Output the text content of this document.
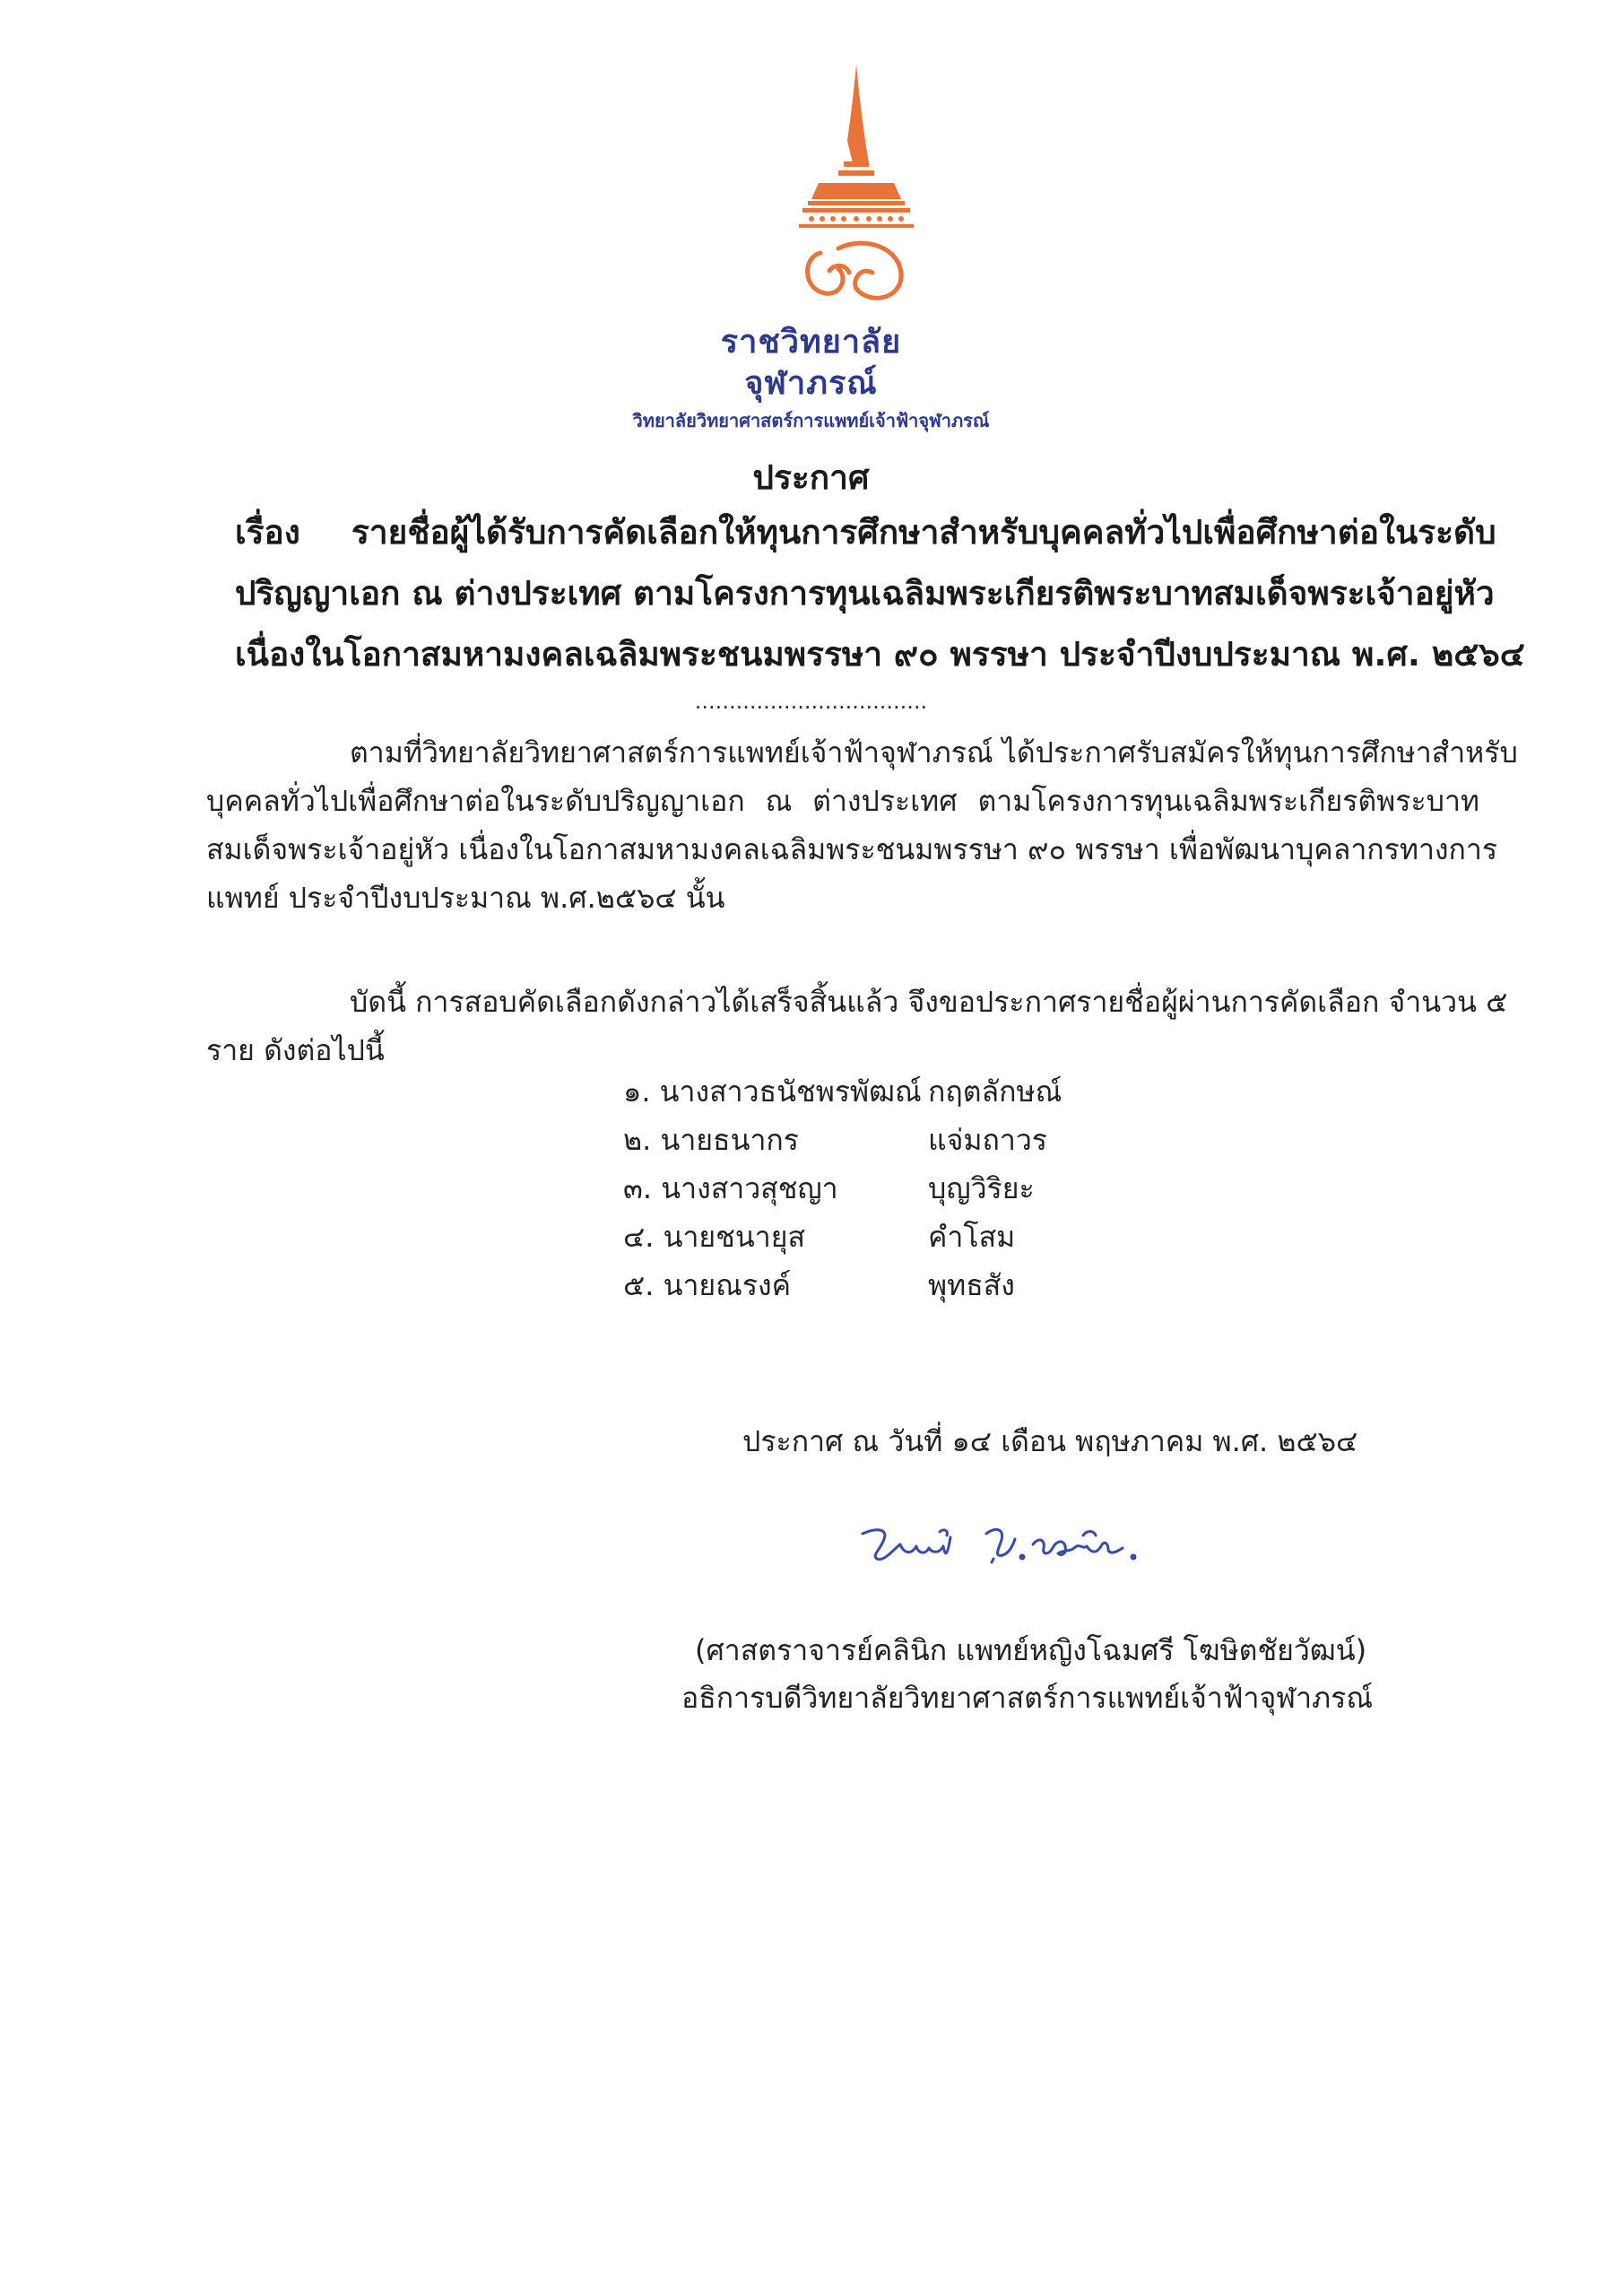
ราชวิทยาลัย
จุฬาภรณ์
วิทยาลัยวิทยาศาสตร์การแพทย์เจ้าฟ้าจุฬาภรณ์
ประกาศ
เรื่อง รายชื่อผู้ได้รับการคัดเลือกให้ทุนการศึกษาสำหรับบุคคลทั่วไปเพื่อศึกษาต่อในระดับ
ปริญญาเอก ณ ต่างประเทศ ตามโครงการทุนเฉลิมพระเกียรติพระบาทสมเด็จพระเจ้าอยู่หัว
เนื่องในโอกาสมหามงคลเฉลิมพระชนมพรรษา ๙๐ พรรษา ประจำปีงบประมาณ พ.ศ. ๒๕๖๔
..................................
ตามที่วิทยาลัยวิทยาศาสตร์การแพทย์เจ้าฟ้าจุฬาภรณ์ ได้ประกาศรับสมัครให้ทุนการศึกษาสำหรับ
บุคคลทั่วไปเพื่อศึกษาต่อในระดับปริญญาเอก ณ ต่างประเทศ ตามโครงการทุนเฉลิมพระเกียรติพระบาท
สมเด็จพระเจ้าอยู่หัว เนื่องในโอกาสมหามงคลเฉลิมพระชนมพรรษา ๙๐ พรรษา เพื่อพัฒนาบุคลากรทางการ
แพทย์ ประจำปีงบประมาณ พ.ศ.๒๕๖๔ นั้น
บัดนี้ การสอบคัดเลือกดังกล่าวได้เสร็จสิ้นแล้ว จึงขอประกาศรายชื่อผู้ผ่านการคัดเลือก จำนวน ๕
ราย ดังต่อไปนี้
๑. นางสาวธนัชพรพัฒณ์ กฤตลักษณ์
๒. นายธนากร	แจ่มถาวร
๓. นางสาวสุชญา	บุญวิริยะ
๔. นายชนายุส	คำโสม
๕. นายณรงค์	พุทธสัง
ประกาศ ณ วันที่ ๑๔ เดือน พฤษภาคม พ.ศ. ๒๕๖๔
(ศาสตราจารย์คลินิก แพทย์หญิงโฉมศรี โฆษิตชัยวัฒน์)
อธิการบดีวิทยาลัยวิทยาศาสตร์การแพทย์เจ้าฟ้าจุฬาภรณ์
